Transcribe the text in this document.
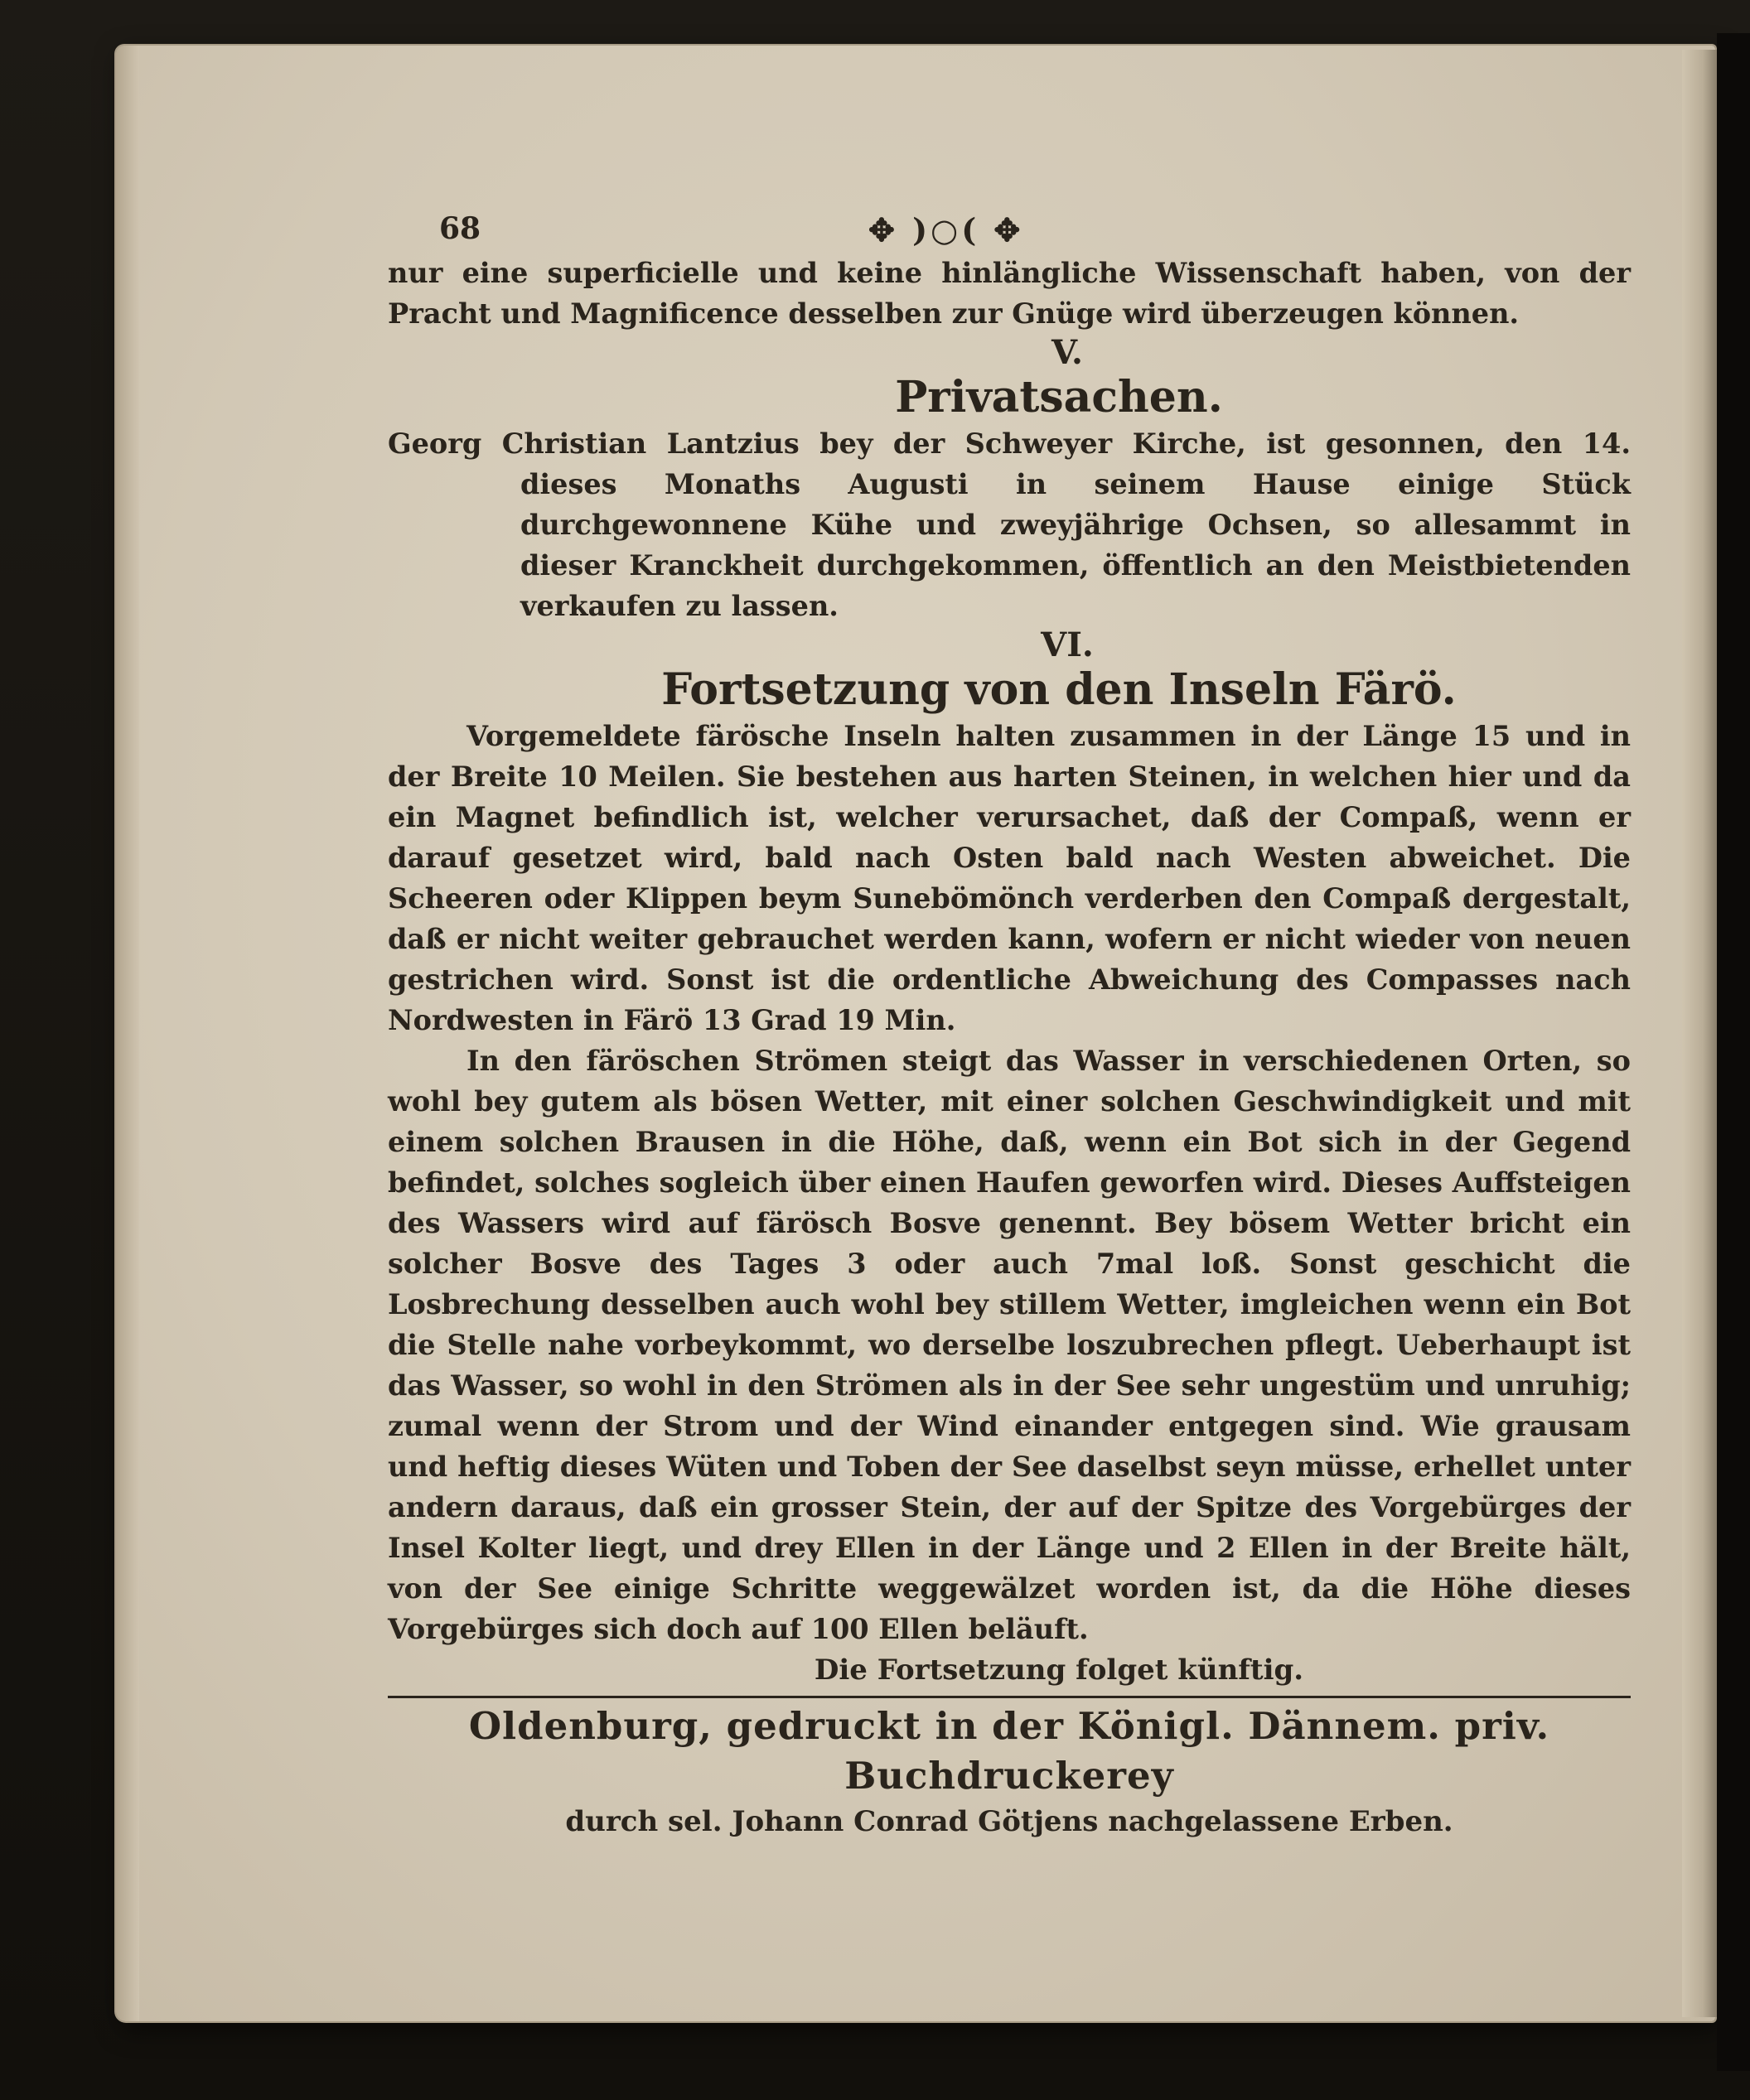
68	✥ )○( ✥

nur eine superficielle und keine hinlängliche Wissenschaft haben, von der Pracht und Magnificence desselben zur Gnüge wird überzeugen können.

V.
Privatsachen.

Georg Christian Lantzius bey der Schweyer Kirche, ist gesonnen, den 14. dieses Monaths Augusti in seinem Hause einige Stück durchgewonnene Kühe und zweyjährige Ochsen, so allesammt in dieser Kranckheit durchgekommen, öffentlich an den Meistbietenden verkaufen zu lassen.

VI.
Fortsetzung von den Inseln Färö.

Vorgemeldete färösche Inseln halten zusammen in der Länge 15 und in der Breite 10 Meilen. Sie bestehen aus harten Steinen, in welchen hier und da ein Magnet befindlich ist, welcher verursachet, daß der Compaß, wenn er darauf gesetzet wird, bald nach Osten bald nach Westen abweichet. Die Scheeren oder Klippen beym Sunebömönch verderben den Compaß dergestalt, daß er nicht weiter gebrauchet werden kann, wofern er nicht wieder von neuen gestrichen wird. Sonst ist die ordentliche Abweichung des Compasses nach Nordwesten in Färö 13 Grad 19 Min.

In den färöschen Strömen steigt das Wasser in verschiedenen Orten, so wohl bey gutem als bösen Wetter, mit einer solchen Geschwindigkeit und mit einem solchen Brausen in die Höhe, daß, wenn ein Bot sich in der Gegend befindet, solches sogleich über einen Haufen geworfen wird. Dieses Auffsteigen des Wassers wird auf färösch Bosve genennt. Bey bösem Wetter bricht ein solcher Bosve des Tages 3 oder auch 7mal loß. Sonst geschicht die Losbrechung desselben auch wohl bey stillem Wetter, imgleichen wenn ein Bot die Stelle nahe vorbeykommt, wo derselbe loszubrechen pflegt. Ueberhaupt ist das Wasser, so wohl in den Strömen als in der See sehr ungestüm und unruhig; zumal wenn der Strom und der Wind einander entgegen sind. Wie grausam und heftig dieses Wüten und Toben der See daselbst seyn müsse, erhellet unter andern daraus, daß ein grosser Stein, der auf der Spitze des Vorgebürges der Insel Kolter liegt, und drey Ellen in der Länge und 2 Ellen in der Breite hält, von der See einige Schritte weggewälzet worden ist, da die Höhe dieses Vorgebürges sich doch auf 100 Ellen beläuft.

Die Fortsetzung folget künftig.
Oldenburg, gedruckt in der Königl. Dännem. priv. Buchdruckerey
durch sel. Johann Conrad Götjens nachgelassene Erben.
